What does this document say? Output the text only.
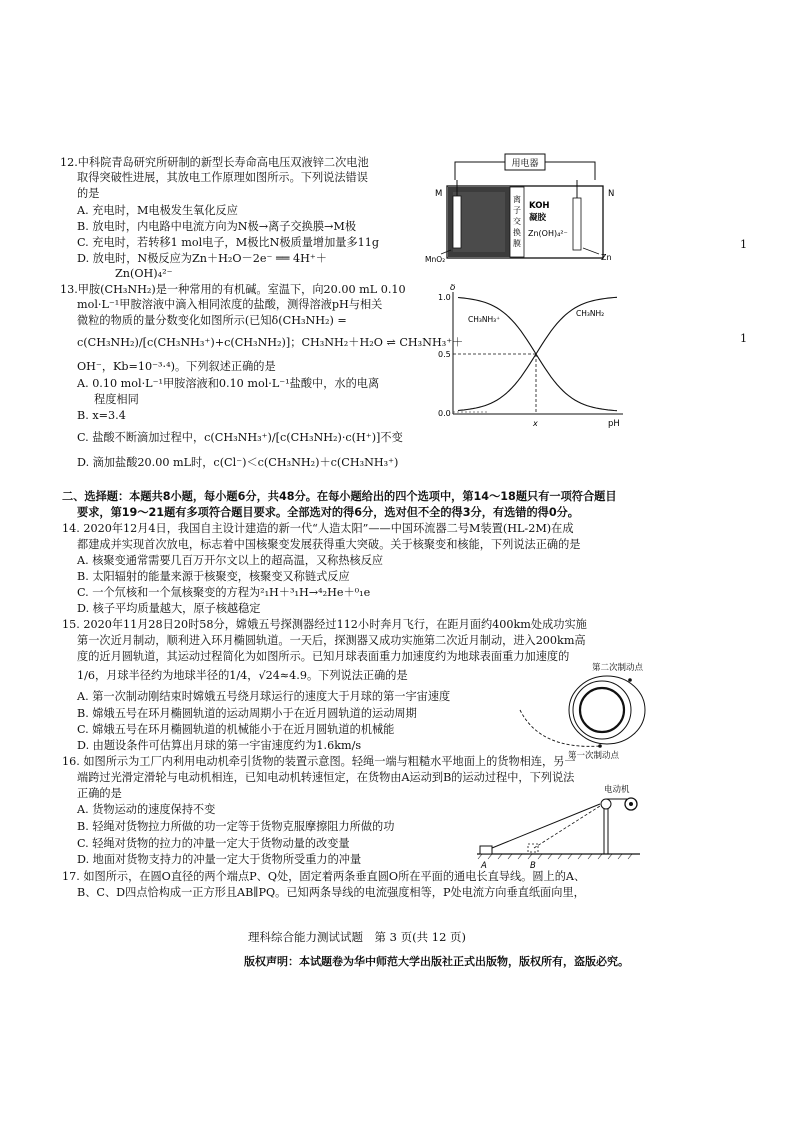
12.中科院青岛研究所研制的新型长寿命高电压双液锌二次电池
取得突破性进展，其放电工作原理如图所示。下列说法错误
的是
A. 充电时，M电极发生氧化反应
B. 放电时，内电路中电流方向为N极→离子交换膜→M极
C. 充电时，若转移1 mol电子，M极比N极质量增加量多11g
D. 放电时，N极反应为Zn＋H₂O－2e⁻ ══ 4H⁺＋
Zn(OH)₄²⁻
用电器
离
子
交
换
膜
KOH
凝胶
Zn(OH)₄²⁻
M	N
MnO₂	Zn
13.甲胺(CH₃NH₂)是一种常用的有机碱。室温下，向20.00 mL 0.10
mol·L⁻¹甲胺溶液中滴入相同浓度的盐酸，测得溶液pH与相关
微粒的物质的量分数变化如图所示(已知δ(CH₃NH₂) =
c(CH₃NH₂)/[c(CH₃NH₃⁺)+c(CH₃NH₂)]；CH₃NH₂＋H₂O ⇌ CH₃NH₃⁺＋
OH⁻，Kb=10⁻³·⁴)。下列叙述正确的是
A. 0.10 mol·L⁻¹甲胺溶液和0.10 mol·L⁻¹盐酸中，水的电离
程度相同
B. x=3.4
C. 盐酸不断滴加过程中，c(CH₃NH₃⁺)/[c(CH₃NH₂)·c(H⁺)]不变
D. 滴加盐酸20.00 mL时，c(Cl⁻)＜c(CH₃NH₂)＋c(CH₃NH₃⁺)
δ
1.0
0.5
0.0
x	pH
CH₃NH₃⁺
CH₃NH₂
1
1
二、选择题：本题共8小题，每小题6分，共48分。在每小题给出的四个选项中，第14～18题只有一项符合题目
要求，第19～21题有多项符合题目要求。全部选对的得6分，选对但不全的得3分，有选错的得0分。
14. 2020年12月4日，我国自主设计建造的新一代“人造太阳”——中国环流器二号M装置(HL-2M)在成
都建成并实现首次放电，标志着中国核聚变发展获得重大突破。关于核聚变和核能，下列说法正确的是
A. 核聚变通常需要几百万开尔文以上的超高温，又称热核反应
B. 太阳辐射的能量来源于核聚变，核聚变又称链式反应
C. 一个氘核和一个氚核聚变的方程为²₁H＋³₁H→⁴₂He＋⁰₁e
D. 核子平均质量越大，原子核越稳定
15. 2020年11月28日20时58分，嫦娥五号探测器经过112小时奔月飞行，在距月面约400km处成功实施
第一次近月制动，顺利进入环月椭圆轨道。一天后，探测器又成功实施第二次近月制动，进入200km高
度的近月圆轨道，其运动过程简化为如图所示。已知月球表面重力加速度约为地球表面重力加速度的
1/6，月球半径约为地球半径的1/4，√24≈4.9。下列说法正确的是
A. 第一次制动刚结束时嫦娥五号绕月球运行的速度大于月球的第一宇宙速度
B. 嫦娥五号在环月椭圆轨道的运动周期小于在近月圆轨道的运动周期
C. 嫦娥五号在环月椭圆轨道的机械能小于在近月圆轨道的机械能
D. 由题设条件可估算出月球的第一宇宙速度约为1.6km/s
第二次制动点
第一次制动点
16. 如图所示为工厂内利用电动机牵引货物的装置示意图。轻绳一端与粗糙水平地面上的货物相连，另一
端跨过光滑定滑轮与电动机相连，已知电动机转速恒定，在货物由A运动到B的运动过程中，下列说法
正确的是
A. 货物运动的速度保持不变
B. 轻绳对货物拉力所做的功一定等于货物克服摩擦阻力所做的功
C. 轻绳对货物的拉力的冲量一定大于货物动量的改变量
D. 地面对货物支持力的冲量一定大于货物所受重力的冲量
电动机
A	B
17. 如图所示，在圆O直径的两个端点P、Q处，固定着两条垂直圆O所在平面的通电长直导线。圆上的A、
B、C、D四点恰构成一正方形且AB∥PQ。已知两条导线的电流强度相等，P处电流方向垂直纸面向里，
理科综合能力测试试题　第 3 页(共 12 页)
版权声明：本试题卷为华中师范大学出版社正式出版物，版权所有，盗版必究。
